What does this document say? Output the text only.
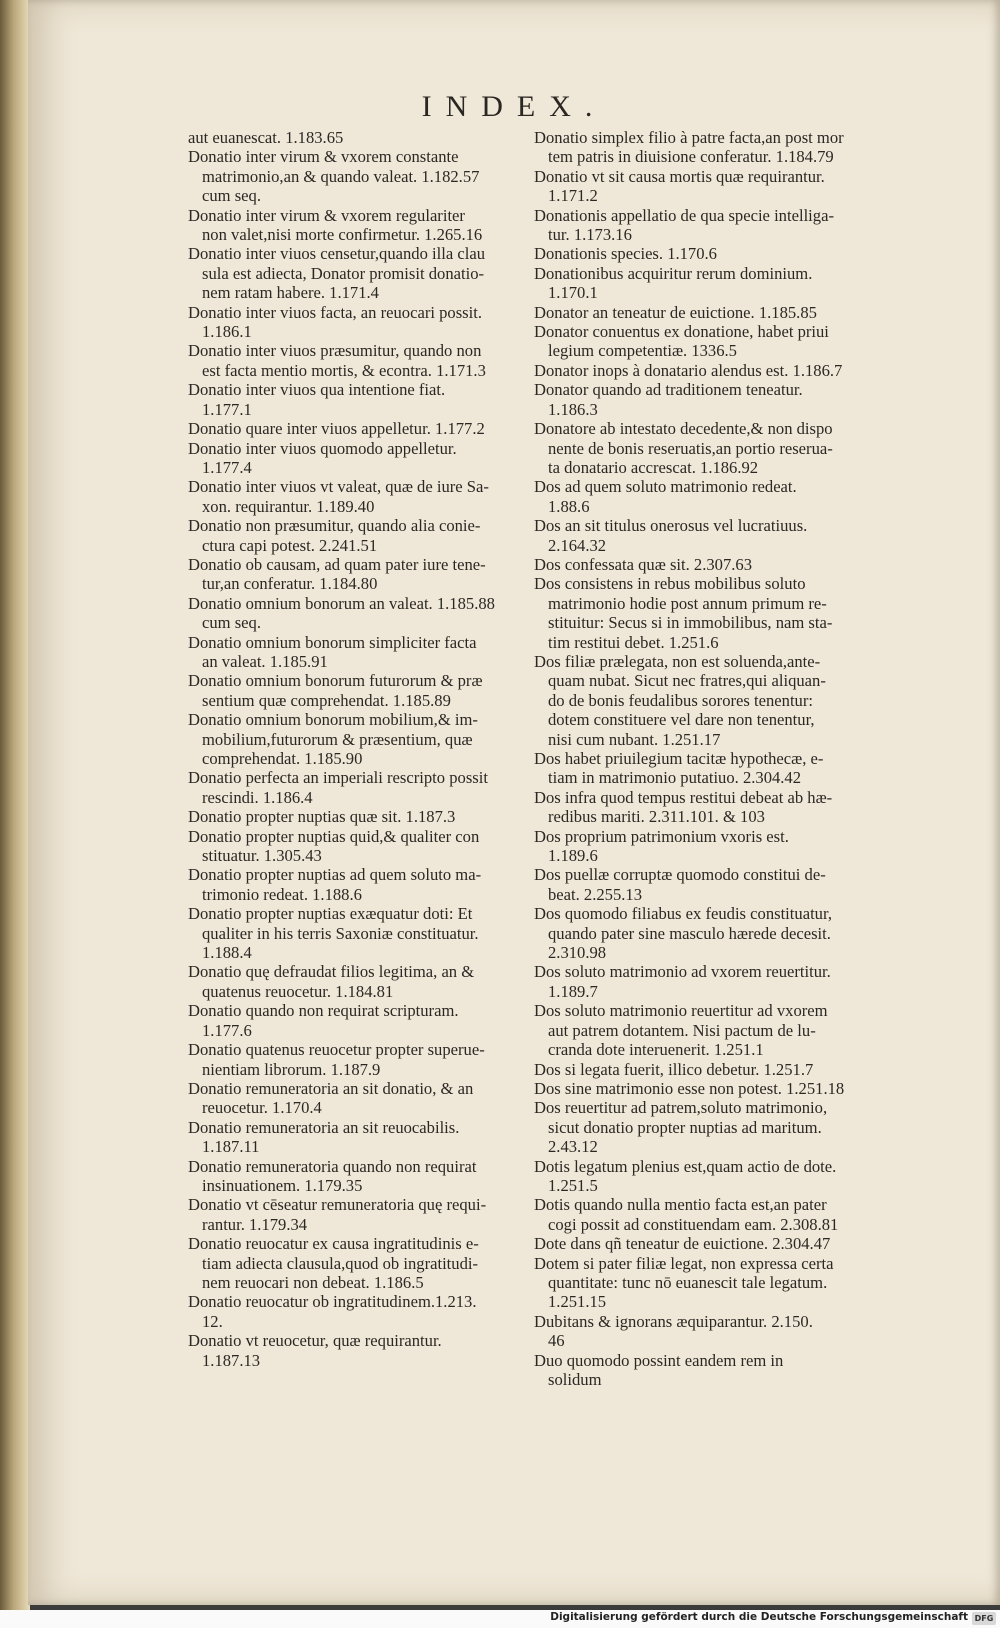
INDEX.
aut euanescat. 1.183.65
Donatio inter virum & vxorem constante
matrimonio,an & quando valeat. 1.182.57
cum seq.
Donatio inter virum & vxorem regulariter
non valet,nisi morte confirmetur. 1.265.16
Donatio inter viuos censetur,quando illa clau
sula est adiecta, Donator promisit donatio-
nem ratam habere. 1.171.4
Donatio inter viuos facta, an reuocari possit.
1.186.1
Donatio inter viuos præsumitur, quando non
est facta mentio mortis, & econtra. 1.171.3
Donatio inter viuos qua intentione fiat.
1.177.1
Donatio quare inter viuos appelletur. 1.177.2
Donatio inter viuos quomodo appelletur.
1.177.4
Donatio inter viuos vt valeat, quæ de iure Sa-
xon. requirantur. 1.189.40
Donatio non præsumitur, quando alia conie-
ctura capi potest. 2.241.51
Donatio ob causam, ad quam pater iure tene-
tur,an conferatur. 1.184.80
Donatio omnium bonorum an valeat. 1.185.88
cum seq.
Donatio omnium bonorum simpliciter facta
an valeat. 1.185.91
Donatio omnium bonorum futurorum & præ
sentium quæ comprehendat. 1.185.89
Donatio omnium bonorum mobilium,& im-
mobilium,futurorum & præsentium, quæ
comprehendat. 1.185.90
Donatio perfecta an imperiali rescripto possit
rescindi. 1.186.4
Donatio propter nuptias quæ sit. 1.187.3
Donatio propter nuptias quid,& qualiter con
stituatur. 1.305.43
Donatio propter nuptias ad quem soluto ma-
trimonio redeat. 1.188.6
Donatio propter nuptias exæquatur doti: Et
qualiter in his terris Saxoniæ constituatur.
1.188.4
Donatio quę defraudat filios legitima, an &
quatenus reuocetur. 1.184.81
Donatio quando non requirat scripturam.
1.177.6
Donatio quatenus reuocetur propter superue-
nientiam librorum. 1.187.9
Donatio remuneratoria an sit donatio, & an
reuocetur. 1.170.4
Donatio remuneratoria an sit reuocabilis.
1.187.11
Donatio remuneratoria quando non requirat
insinuationem. 1.179.35
Donatio vt cēseatur remuneratoria quę requi-
rantur. 1.179.34
Donatio reuocatur ex causa ingratitudinis e-
tiam adiecta clausula,quod ob ingratitudi-
nem reuocari non debeat. 1.186.5
Donatio reuocatur ob ingratitudinem.1.213.
12.
Donatio vt reuocetur, quæ requirantur.
1.187.13
Donatio simplex filio à patre facta,an post mor
tem patris in diuisione conferatur. 1.184.79
Donatio vt sit causa mortis quæ requirantur.
1.171.2
Donationis appellatio de qua specie intelliga-
tur. 1.173.16
Donationis species. 1.170.6
Donationibus acquiritur rerum dominium.
1.170.1
Donator an teneatur de euictione. 1.185.85
Donator conuentus ex donatione, habet priui
legium competentiæ. 1336.5
Donator inops à donatario alendus est. 1.186.7
Donator quando ad traditionem teneatur.
1.186.3
Donatore ab intestato decedente,& non dispo
nente de bonis reseruatis,an portio reserua-
ta donatario accrescat. 1.186.92
Dos ad quem soluto matrimonio redeat.
1.88.6
Dos an sit titulus onerosus vel lucratiuus.
2.164.32
Dos confessata quæ sit. 2.307.63
Dos consistens in rebus mobilibus soluto
matrimonio hodie post annum primum re-
stituitur: Secus si in immobilibus, nam sta-
tim restitui debet. 1.251.6
Dos filiæ prælegata, non est soluenda,ante-
quam nubat. Sicut nec fratres,qui aliquan-
do de bonis feudalibus sorores tenentur:
dotem constituere vel dare non tenentur,
nisi cum nubant. 1.251.17
Dos habet priuilegium tacitæ hypothecæ, e-
tiam in matrimonio putatiuo. 2.304.42
Dos infra quod tempus restitui debeat ab hæ-
redibus mariti. 2.311.101. & 103
Dos proprium patrimonium vxoris est.
1.189.6
Dos puellæ corruptæ quomodo constitui de-
beat. 2.255.13
Dos quomodo filiabus ex feudis constituatur,
quando pater sine masculo hærede decesit.
2.310.98
Dos soluto matrimonio ad vxorem reuertitur.
1.189.7
Dos soluto matrimonio reuertitur ad vxorem
aut patrem dotantem. Nisi pactum de lu-
cranda dote interuenerit. 1.251.1
Dos si legata fuerit, illico debetur. 1.251.7
Dos sine matrimonio esse non potest. 1.251.18
Dos reuertitur ad patrem,soluto matrimonio,
sicut donatio propter nuptias ad maritum.
2.43.12
Dotis legatum plenius est,quam actio de dote.
1.251.5
Dotis quando nulla mentio facta est,an pater
cogi possit ad constituendam eam. 2.308.81
Dote dans qñ teneatur de euictione. 2.304.47
Dotem si pater filiæ legat, non expressa certa
quantitate: tunc nō euanescit tale legatum.
1.251.15
Dubitans & ignorans æquiparantur. 2.150.
46
Duo quomodo possint eandem rem in
solidum
Digitalisierung gefördert durch die Deutsche Forschungsgemeinschaft DFG
